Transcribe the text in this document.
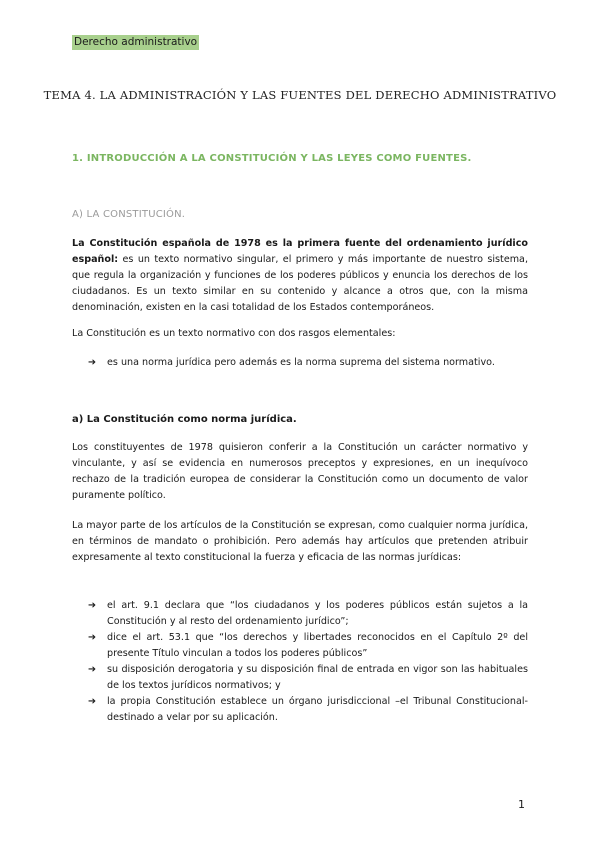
Derecho administrativo
TEMA 4. LA ADMINISTRACIÓN Y LAS FUENTES DEL DERECHO ADMINISTRATIVO
1. INTRODUCCIÓN A LA CONSTITUCIÓN Y LAS LEYES COMO FUENTES.
A) LA CONSTITUCIÓN.
La Constitución española de 1978 es la primera fuente del ordenamiento jurídico español: es un texto normativo singular, el primero y más importante de nuestro sistema, que regula la organización y funciones de los poderes públicos y enuncia los derechos de los ciudadanos. Es un texto similar en su contenido y alcance a otros que, con la misma denominación, existen en la casi totalidad de los Estados contemporáneos.
La Constitución es un texto normativo con dos rasgos elementales:
➔ es una norma jurídica pero además es la norma suprema del sistema normativo.
a) La Constitución como norma jurídica.
Los constituyentes de 1978 quisieron conferir a la Constitución un carácter normativo y vinculante, y así se evidencia en numerosos preceptos y expresiones, en un inequívoco rechazo de la tradición europea de considerar la Constitución como un documento de valor puramente político.
La mayor parte de los artículos de la Constitución se expresan, como cualquier norma jurídica, en términos de mandato o prohibición. Pero además hay artículos que pretenden atribuir expresamente al texto constitucional la fuerza y eficacia de las normas jurídicas:
➔ el art. 9.1 declara que “los ciudadanos y los poderes públicos están sujetos a la Constitución y al resto del ordenamiento jurídico”;
➔ dice el art. 53.1 que “los derechos y libertades reconocidos en el Capítulo 2º del presente Título vinculan a todos los poderes públicos”
➔ su disposición derogatoria y su disposición final de entrada en vigor son las habituales de los textos jurídicos normativos; y
➔ la propia Constitución establece un órgano jurisdiccional –el Tribunal Constitucional- destinado a velar por su aplicación.
1
